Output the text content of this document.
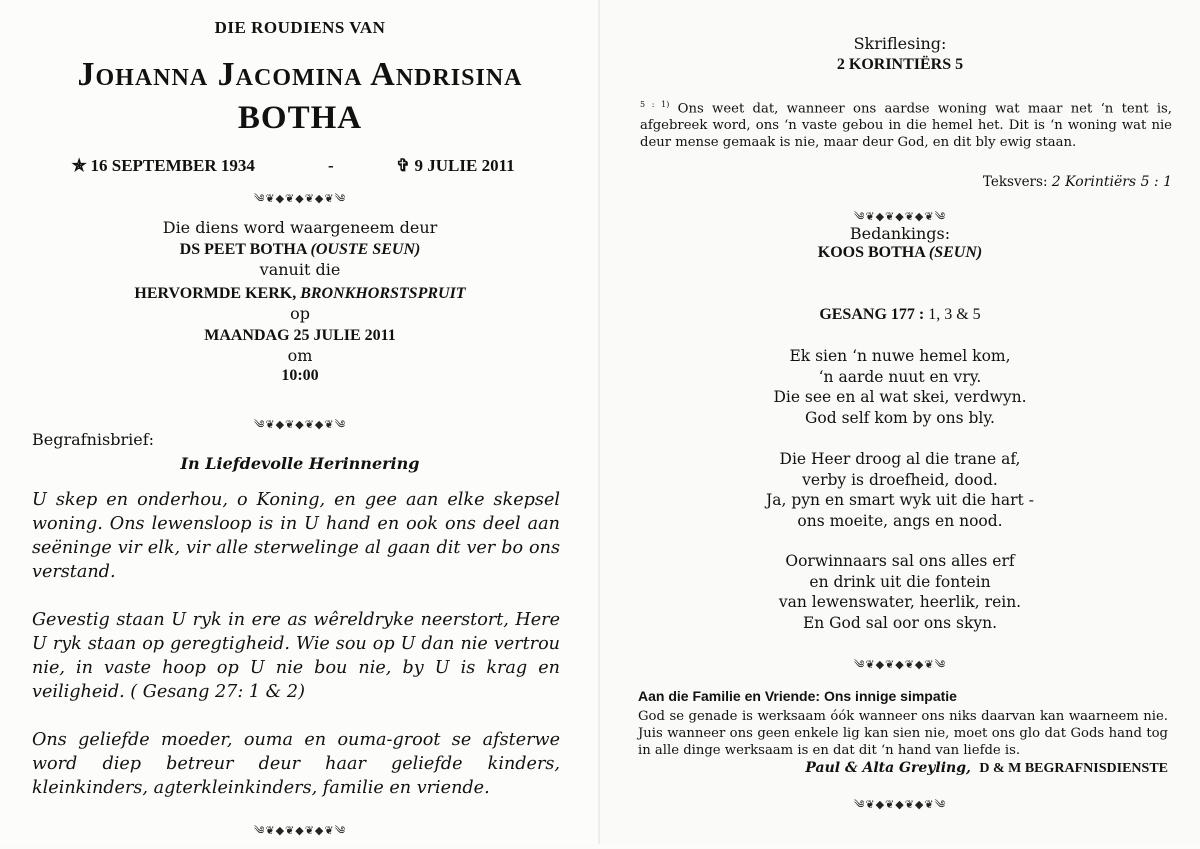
DIE ROUDIENS VAN
Johanna Jacomina Andrisina
BOTHA
✯ 16 SEPTEMBER 1934	-	✞ 9 JULIE 2011
༄❦◆❦◆❦◆❦༄
Die diens word waargeneem deur
DS PEET BOTHA (OUSTE SEUN)
vanuit die
HERVORMDE KERK, BRONKHORSTSPRUIT
op
MAANDAG 25 JULIE 2011
om
10:00
༄❦◆❦◆❦◆❦༄
Begrafnisbrief:
In Liefdevolle Herinnering
U skep en onderhou, o Koning, en gee aan elke skepsel woning. Ons lewensloop is in U hand en ook ons deel aan seëninge vir elk, vir alle sterwelinge al gaan dit ver bo ons verstand.
Gevestig staan U ryk in ere as wêreldryke neerstort, Here U ryk staan op geregtigheid. Wie sou op U dan nie vertrou nie, in vaste hoop op U nie bou nie, by U is krag en veiligheid. ( Gesang 27: 1 & 2)
Ons geliefde moeder, ouma en ouma-groot se afsterwe word diep betreur deur haar geliefde kinders, kleinkinders, agterkleinkinders, familie en vriende.
༄❦◆❦◆❦◆❦༄
Skriflesing:
2 KORINTIËRS 5
$^{5 : 1)}$ Ons weet dat, wanneer ons aardse woning wat maar net ‘n tent is, afgebreek word, ons ‘n vaste gebou in die hemel het. Dit is ‘n woning wat nie deur mense gemaak is nie, maar deur God, en dit bly ewig staan.
Teksvers: 2 Korintiërs 5 : 1
༄❦◆❦◆❦◆❦༄
Bedankings:
KOOS BOTHA (SEUN)
GESANG 177 : 1, 3 & 5
Ek sien ‘n nuwe hemel kom,
‘n aarde nuut en vry.
Die see en al wat skei, verdwyn.
God self kom by ons bly.
Die Heer droog al die trane af,
verby is droefheid, dood.
Ja, pyn en smart wyk uit die hart -
ons moeite, angs en nood.
Oorwinnaars sal ons alles erf
en drink uit die fontein
van lewenswater, heerlik, rein.
En God sal oor ons skyn.
༄❦◆❦◆❦◆❦༄
Aan die Familie en Vriende: Ons innige simpatie
God se genade is werksaam óók wanneer ons niks daarvan kan waarneem nie. Juis wanneer ons geen enkele lig kan sien nie, moet ons glo dat Gods hand tog in alle dinge werksaam is en dat dit ‘n hand van liefde is.
Paul & Alta Greyling, D & M BEGRAFNISDIENSTE
༄❦◆❦◆❦◆❦༄
